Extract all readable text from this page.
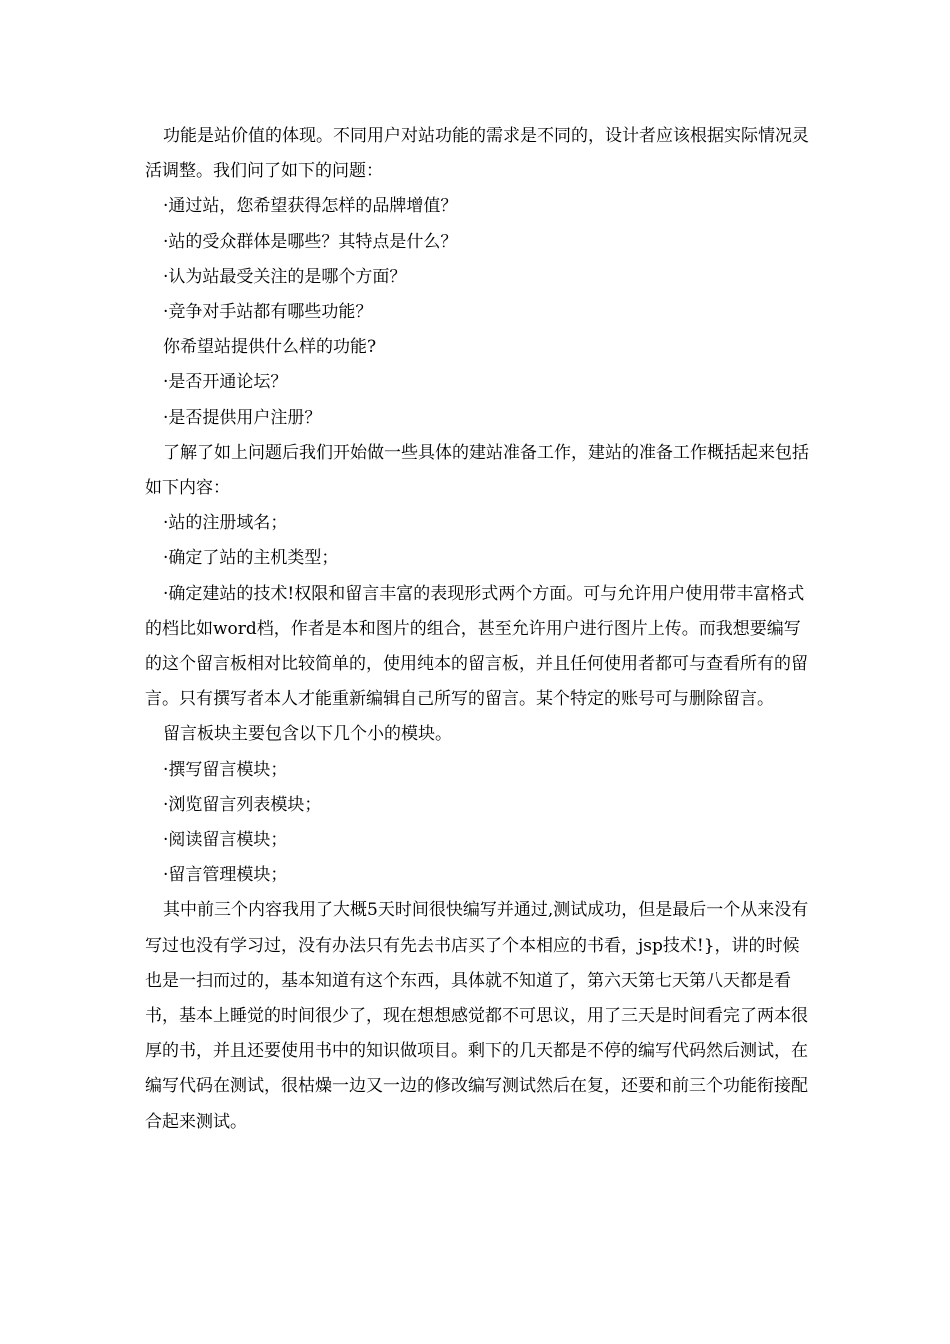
功能是站价值的体现。不同用户对站功能的需求是不同的，设计者应该根据实际情况灵活调整。我们问了如下的问题：

·通过站，您希望获得怎样的品牌增值？

·站的受众群体是哪些？其特点是什么？

·认为站最受关注的是哪个方面？

·竞争对手站都有哪些功能？

你希望站提供什么样的功能?

·是否开通论坛？

·是否提供用户注册？

了解了如上问题后我们开始做一些具体的建站准备工作，建站的准备工作概括起来包括如下内容：

·站的注册域名；

·确定了站的主机类型；

·确定建站的技术!权限和留言丰富的表现形式两个方面。可与允许用户使用带丰富格式的档比如word档，作者是本和图片的组合，甚至允许用户进行图片上传。而我想要编写的这个留言板相对比较简单的，使用纯本的留言板，并且任何使用者都可与查看所有的留言。只有撰写者本人才能重新编辑自己所写的留言。某个特定的账号可与删除留言。

留言板块主要包含以下几个小的模块。

·撰写留言模块；

·浏览留言列表模块；

·阅读留言模块；

·留言管理模块；

其中前三个内容我用了大概5天时间很快编写并通过,测试成功，但是最后一个从来没有写过也没有学习过，没有办法只有先去书店买了个本相应的书看，jsp技术!}，讲的时候也是一扫而过的，基本知道有这个东西，具体就不知道了，第六天第七天第八天都是看书，基本上睡觉的时间很少了，现在想想感觉都不可思议，用了三天是时间看完了两本很厚的书，并且还要使用书中的知识做项目。剩下的几天都是不停的编写代码然后测试，在编写代码在测试，很枯燥一边又一边的修改编写测试然后在复，还要和前三个功能衔接配合起来测试。
